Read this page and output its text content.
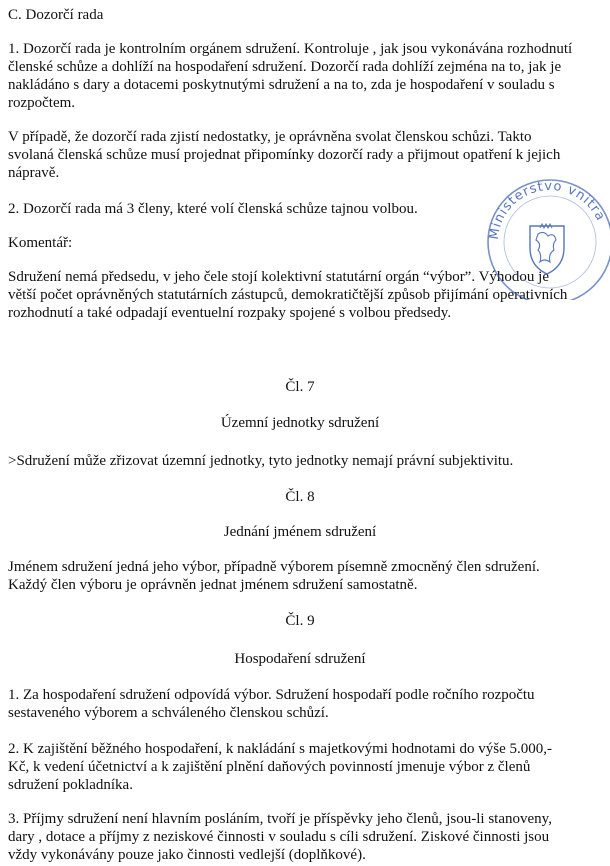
C. Dozorčí rada
1. Dozorčí rada je kontrolním orgánem sdružení. Kontroluje , jak jsou vykonávána rozhodnutí
členské schůze a dohlíží na hospodaření sdružení. Dozorčí rada dohlíží zejména na to, jak je
nakládáno s dary a dotacemi poskytnutými sdružení a na to, zda je hospodaření v souladu s
rozpočtem.
V případě, že dozorčí rada zjistí nedostatky, je oprávněna svolat členskou schůzi. Takto
svolaná členská schůze musí projednat připomínky dozorčí rady a přijmout opatření k jejich
nápravě.
2. Dozorčí rada má 3 členy, které volí členská schůze tajnou volbou.
Komentář:
Sdružení nemá předsedu, v jeho čele stojí kolektivní statutární orgán “výbor”. Výhodou je
větší počet oprávněných statutárních zástupců, demokratičtější způsob přijímání operativních
rozhodnutí a také odpadají eventuelní rozpaky spojené s volbou předsedy.
Čl. 7
Územní jednotky sdružení
>Sdružení může zřizovat územní jednotky, tyto jednotky nemají právní subjektivitu.
Čl. 8
Jednání jménem sdružení
Jménem sdružení jedná jeho výbor, případně výborem písemně zmocněný člen sdružení.
Každý člen výboru je oprávněn jednat jménem sdružení samostatně.
Čl. 9
Hospodaření sdružení
1. Za hospodaření sdružení odpovídá výbor. Sdružení hospodaří podle ročního rozpočtu
sestaveného výborem a schváleného členskou schůzí.
2. K zajištění běžného hospodaření, k nakládání s majetkovými hodnotami do výše 5.000,-
Kč, k vedení účetnictví a k zajištění plnění daňových povinností jmenuje výbor z členů
sdružení pokladníka.
3. Příjmy sdružení není hlavním posláním, tvoří je příspěvky jeho členů, jsou-li stanoveny,
dary , dotace a příjmy z neziskové činnosti v souladu s cíli sdružení. Ziskové činnosti jsou
vždy vykonávány pouze jako činnosti vedlejší (doplňkové).
Ministerstvo vnitra
